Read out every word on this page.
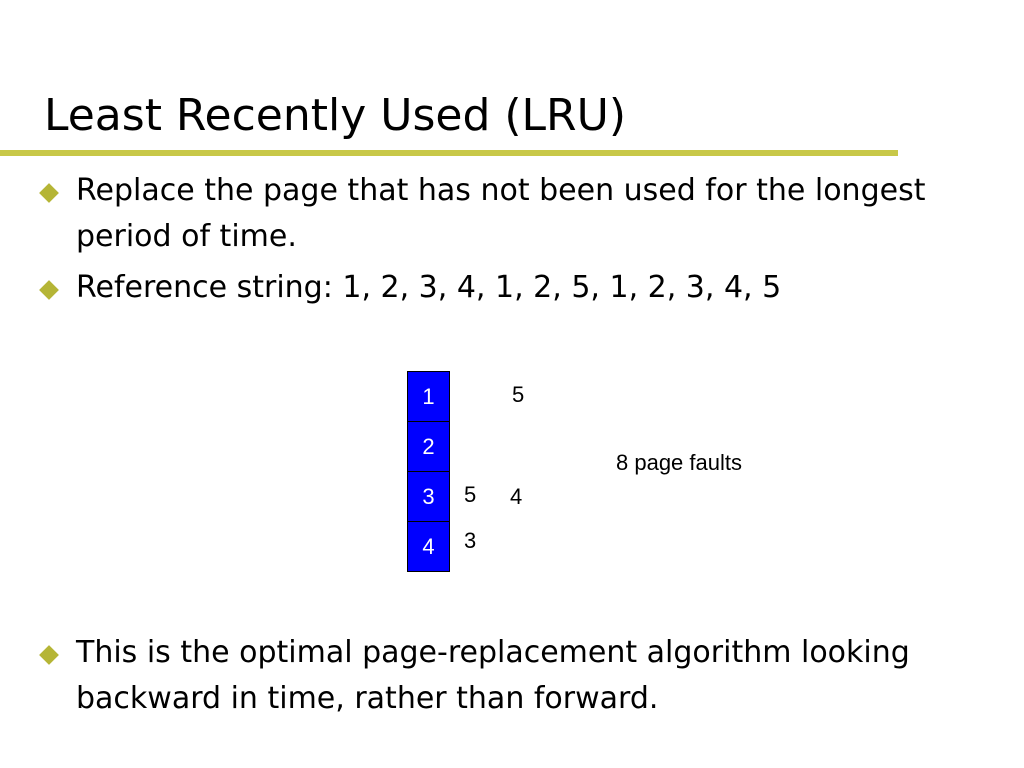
Least Recently Used (LRU)
Replace the page that has not been used for the longest period of time.
Reference string: 1, 2, 3, 4, 1, 2, 5, 1, 2, 3, 4, 5
1
2
3
4
5
5 4
3
8 page faults
This is the optimal page-replacement algorithm looking backward in time, rather than forward.
